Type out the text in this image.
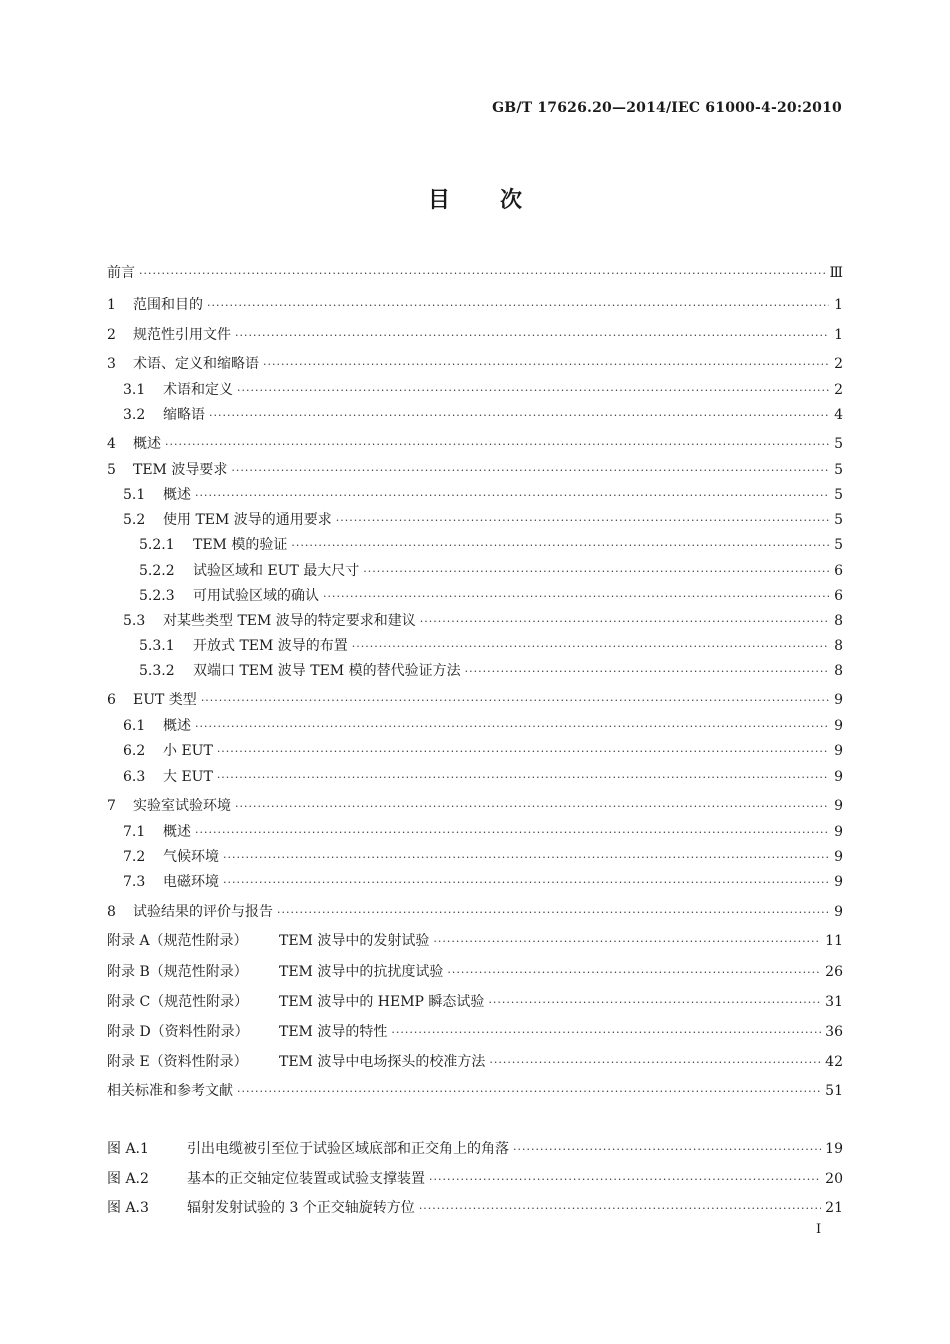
GB/T 17626.20—2014/IEC 61000-4-20:2010
目 次
前言 ·····	Ⅲ
1	范围和目的 ·····	1
2	规范性引用文件 ·····	1
3	术语、定义和缩略语 ·····	2
3.1	术语和定义 ·····	2
3.2	缩略语 ·····	4
4	概述 ·····	5
5	TEM 波导要求 ·····	5
5.1	概述 ·····	5
5.2	使用 TEM 波导的通用要求 ·····	5
5.2.1	TEM 模的验证 ·····	5
5.2.2	试验区域和 EUT 最大尺寸 ·····	6
5.2.3	可用试验区域的确认 ·····	6
5.3	对某些类型 TEM 波导的特定要求和建议 ·····	8
5.3.1	开放式 TEM 波导的布置 ·····	8
5.3.2	双端口 TEM 波导 TEM 模的替代验证方法 ·····	8
6	EUT 类型 ·····	9
6.1	概述 ·····	9
6.2	小 EUT ·····	9
6.3	大 EUT ·····	9
7	实验室试验环境 ·····	9
7.1	概述 ·····	9
7.2	气候环境 ·····	9
7.3	电磁环境 ·····	9
8	试验结果的评价与报告 ·····	9
附录 A（规范性附录）	TEM 波导中的发射试验 ·····	11
附录 B（规范性附录）	TEM 波导中的抗扰度试验 ·····	26
附录 C（规范性附录）	TEM 波导中的 HEMP 瞬态试验 ·····	31
附录 D（资料性附录）	TEM 波导的特性 ·····	36
附录 E（资料性附录）	TEM 波导中电场探头的校准方法 ·····	42
相关标准和参考文献 ·····	51
图 A.1	引出电缆被引至位于试验区域底部和正交角上的角落 ·····	19
图 A.2	基本的正交轴定位装置或试验支撑装置 ·····	20
图 A.3	辐射发射试验的 3 个正交轴旋转方位 ·····	21
I
